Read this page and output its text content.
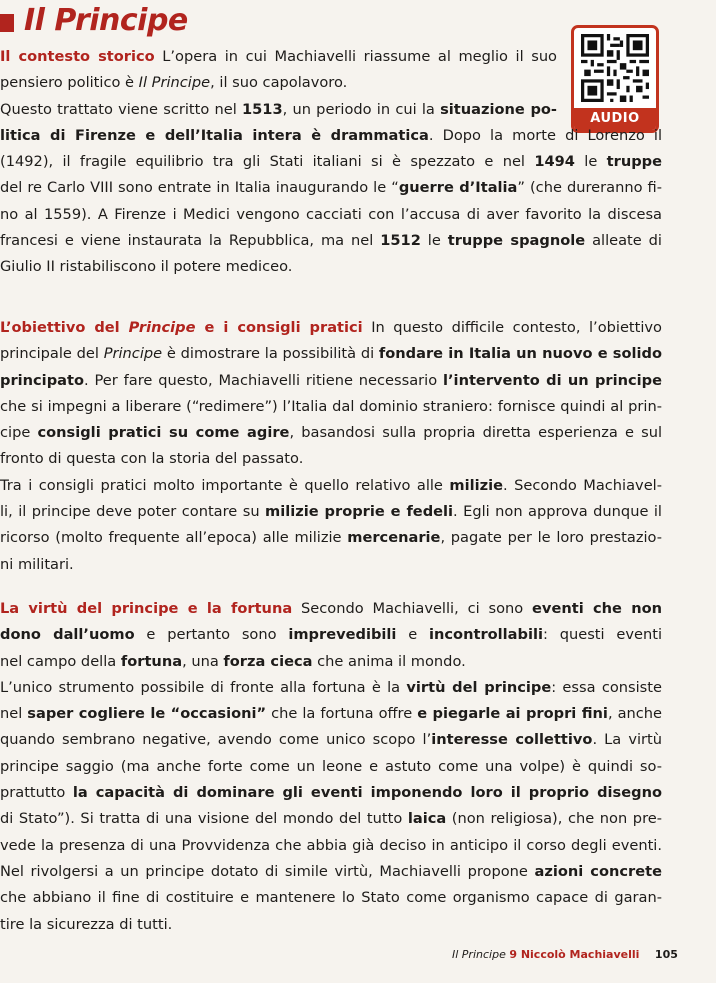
Il Principe
AUDIO
Il contesto storico L’opera in cui Machiavelli riassume al meglio il suo
pensiero politico è Il Principe, il suo capolavoro.
Questo trattato viene scritto nel 1513, un periodo in cui la situazione po-
litica di Firenze e dell’Italia intera è drammatica. Dopo la morte di Lorenzo il
(1492), il fragile equilibrio tra gli Stati italiani si è spezzato e nel 1494 le truppe
del re Carlo VIII sono entrate in Italia inaugurando le “guerre d’Italia” (che dureranno fi-
no al 1559). A Firenze i Medici vengono cacciati con l’accusa di aver favorito la discesa
francesi e viene instaurata la Repubblica, ma nel 1512 le truppe spagnole alleate di
Giulio II ristabiliscono il potere mediceo.
L’obiettivo del Principe e i consigli pratici In questo difficile contesto, l’obiettivo
principale del Principe è dimostrare la possibilità di fondare in Italia un nuovo e solido
principato. Per fare questo, Machiavelli ritiene necessario l’intervento di un principe
che si impegni a liberare (“redimere”) l’Italia dal dominio straniero: fornisce quindi al prin-
cipe consigli pratici su come agire, basandosi sulla propria diretta esperienza e sul
fronto di questa con la storia del passato.
Tra i consigli pratici molto importante è quello relativo alle milizie. Secondo Machiavel-
li, il principe deve poter contare su milizie proprie e fedeli. Egli non approva dunque il
ricorso (molto frequente all’epoca) alle milizie mercenarie, pagate per le loro prestazio-
ni militari.
La virtù del principe e la fortuna Secondo Machiavelli, ci sono eventi che non
dono dall’uomo e pertanto sono imprevedibili e incontrollabili: questi eventi
nel campo della fortuna, una forza cieca che anima il mondo.
L’unico strumento possibile di fronte alla fortuna è la virtù del principe: essa consiste
nel saper cogliere le “occasioni” che la fortuna offre e piegarle ai propri fini, anche
quando sembrano negative, avendo come unico scopo l’interesse collettivo. La virtù
principe saggio (ma anche forte come un leone e astuto come una volpe) è quindi so-
prattutto la capacità di dominare gli eventi imponendo loro il proprio disegno
di Stato”). Si tratta di una visione del mondo del tutto laica (non religiosa), che non pre-
vede la presenza di una Provvidenza che abbia già deciso in anticipo il corso degli eventi.
Nel rivolgersi a un principe dotato di simile virtù, Machiavelli propone azioni concrete
che abbiano il fine di costituire e mantenere lo Stato come organismo capace di garan-
tire la sicurezza di tutti.
Il Principe 9 Niccolò Machiavelli 105
